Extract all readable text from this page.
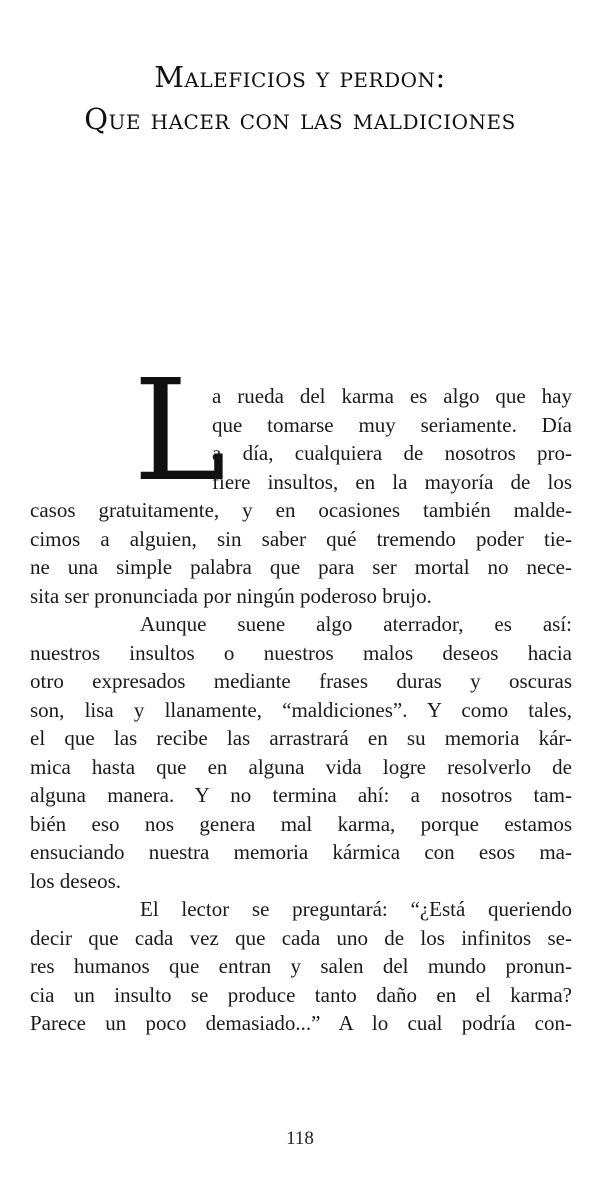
Maleficios y perdon:
Que hacer con las maldiciones
L
a rueda del karma es algo que hay
que tomarse muy seriamente. Día
a día, cualquiera de nosotros pro-
fiere insultos, en la mayoría de los
casos gratuitamente, y en ocasiones también malde-
cimos a alguien, sin saber qué tremendo poder tie-
ne una simple palabra que para ser mortal no nece-
sita ser pronunciada por ningún poderoso brujo.
Aunque suene algo aterrador, es así:
nuestros insultos o nuestros malos deseos hacia
otro expresados mediante frases duras y oscuras
son, lisa y llanamente, “maldiciones”. Y como tales,
el que las recibe las arrastrará en su memoria kár-
mica hasta que en alguna vida logre resolverlo de
alguna manera. Y no termina ahí: a nosotros tam-
bién eso nos genera mal karma, porque estamos
ensuciando nuestra memoria kármica con esos ma-
los deseos.
El lector se preguntará: “¿Está queriendo
decir que cada vez que cada uno de los infinitos se-
res humanos que entran y salen del mundo pronun-
cia un insulto se produce tanto daño en el karma?
Parece un poco demasiado...” A lo cual podría con-
118
